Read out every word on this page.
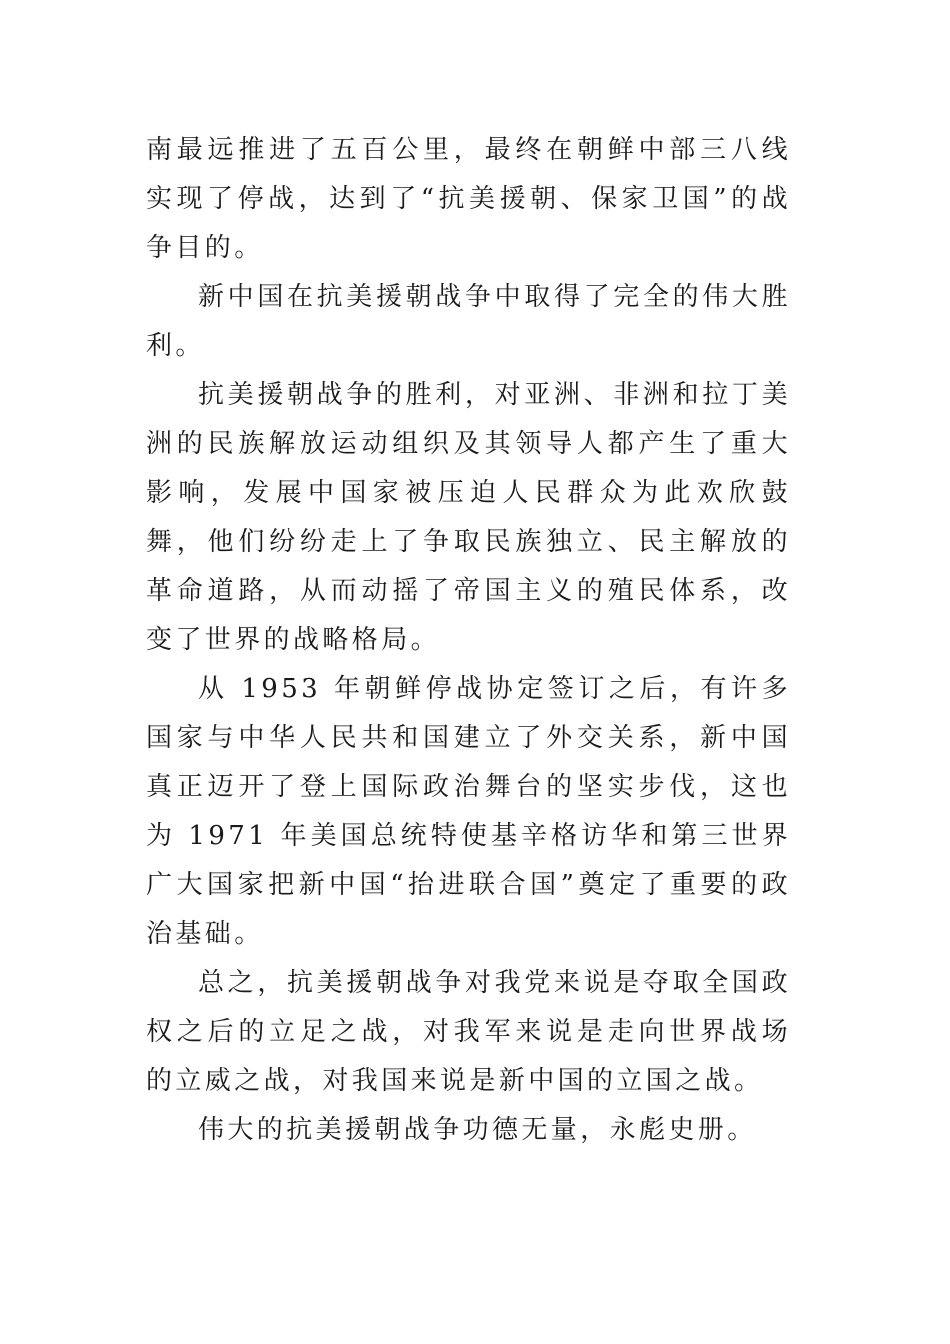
南最远推进了五百公里，最终在朝鲜中部三八线实现了停战，达到了“抗美援朝、保家卫国”的战争目的。

新中国在抗美援朝战争中取得了完全的伟大胜利。

抗美援朝战争的胜利，对亚洲、非洲和拉丁美洲的民族解放运动组织及其领导人都产生了重大影响，发展中国家被压迫人民群众为此欢欣鼓舞，他们纷纷走上了争取民族独立、民主解放的革命道路，从而动摇了帝国主义的殖民体系，改变了世界的战略格局。

从 1953 年朝鲜停战协定签订之后，有许多国家与中华人民共和国建立了外交关系，新中国真正迈开了登上国际政治舞台的坚实步伐，这也为 1971 年美国总统特使基辛格访华和第三世界广大国家把新中国“抬进联合国”奠定了重要的政治基础。

总之，抗美援朝战争对我党来说是夺取全国政权之后的立足之战，对我军来说是走向世界战场的立威之战，对我国来说是新中国的立国之战。

伟大的抗美援朝战争功德无量，永彪史册。
